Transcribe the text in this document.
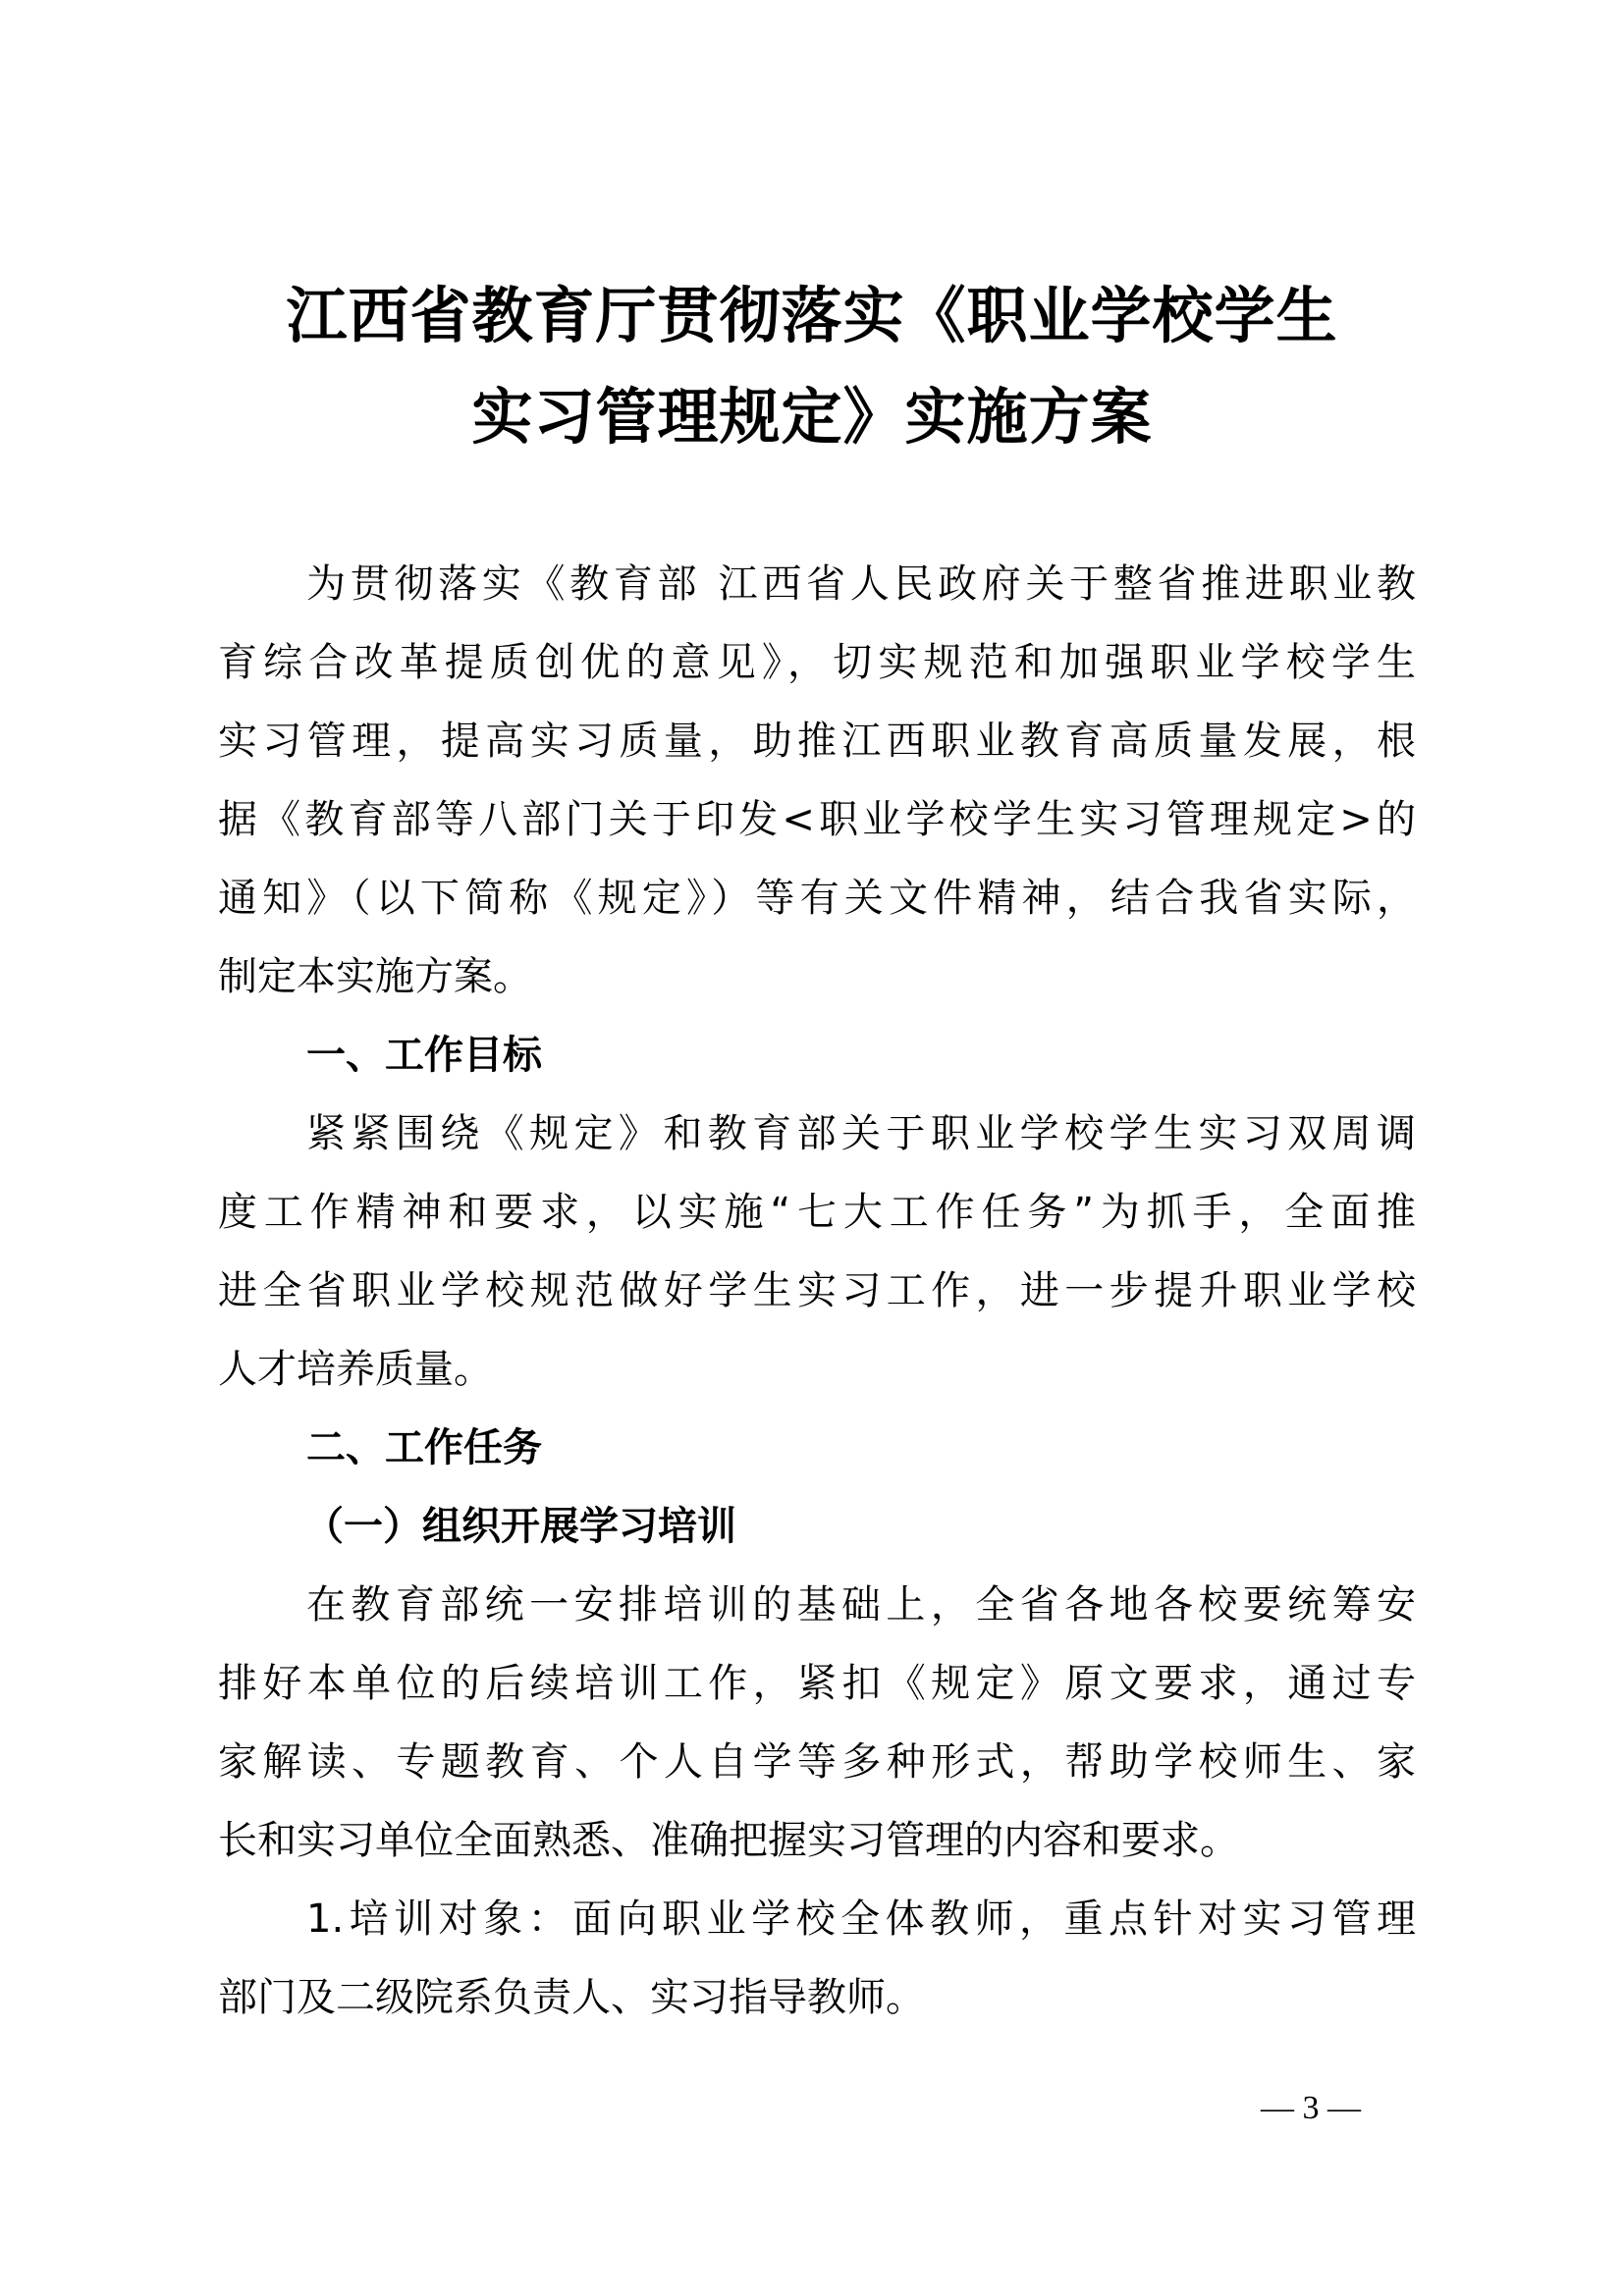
江西省教育厅贯彻落实《职业学校学生
实习管理规定》实施方案
为贯彻落实《教育部 江西省人民政府关于整省推进职业教
育综合改革提质创优的意见》，切实规范和加强职业学校学生
实习管理，提高实习质量，助推江西职业教育高质量发展，根
据《教育部等八部门关于印发<职业学校学生实习管理规定>的
通知》（以下简称《规定》）等有关文件精神，结合我省实际，
制定本实施方案。
一、工作目标
紧紧围绕《规定》和教育部关于职业学校学生实习双周调
度工作精神和要求，以实施“七大工作任务”为抓手，全面推
进全省职业学校规范做好学生实习工作，进一步提升职业学校
人才培养质量。
二、工作任务
（一）组织开展学习培训
在教育部统一安排培训的基础上，全省各地各校要统筹安
排好本单位的后续培训工作，紧扣《规定》原文要求，通过专
家解读、专题教育、个人自学等多种形式，帮助学校师生、家
长和实习单位全面熟悉、准确把握实习管理的内容和要求。
1.培训对象：面向职业学校全体教师，重点针对实习管理
部门及二级院系负责人、实习指导教师。
— 3 —
